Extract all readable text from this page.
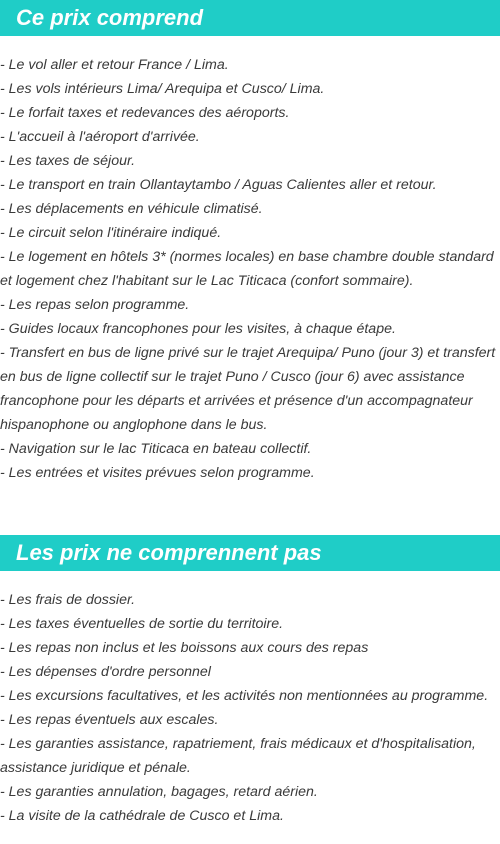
Ce prix comprend
- Le vol aller et retour France / Lima.
- Les vols intérieurs Lima/ Arequipa et Cusco/ Lima.
- Le forfait taxes et redevances des aéroports.
- L'accueil à l'aéroport d'arrivée.
- Les taxes de séjour.
- Le transport en train Ollantaytambo / Aguas Calientes aller et retour.
- Les déplacements en véhicule climatisé.
- Le circuit selon l'itinéraire indiqué.
- Le logement en hôtels 3* (normes locales) en base chambre double standard et logement chez l'habitant sur le Lac Titicaca (confort sommaire).
- Les repas selon programme.
- Guides locaux francophones pour les visites, à chaque étape.
- Transfert en bus de ligne privé sur le trajet Arequipa/ Puno (jour 3) et transfert en bus de ligne collectif sur le trajet Puno / Cusco (jour 6) avec assistance francophone pour les départs et arrivées et présence d'un accompagnateur hispanophone ou anglophone dans le bus.
- Navigation sur le lac Titicaca en bateau collectif.
- Les entrées et visites prévues selon programme.
Les prix ne comprennent pas
- Les frais de dossier.
- Les taxes éventuelles de sortie du territoire.
- Les repas non inclus et les boissons aux cours des repas
- Les dépenses d'ordre personnel
- Les excursions facultatives, et les activités non mentionnées au programme.
- Les repas éventuels aux escales.
- Les garanties assistance, rapatriement, frais médicaux et d'hospitalisation, assistance juridique et pénale.
- Les garanties annulation, bagages, retard aérien.
- La visite de la cathédrale de Cusco et Lima.
